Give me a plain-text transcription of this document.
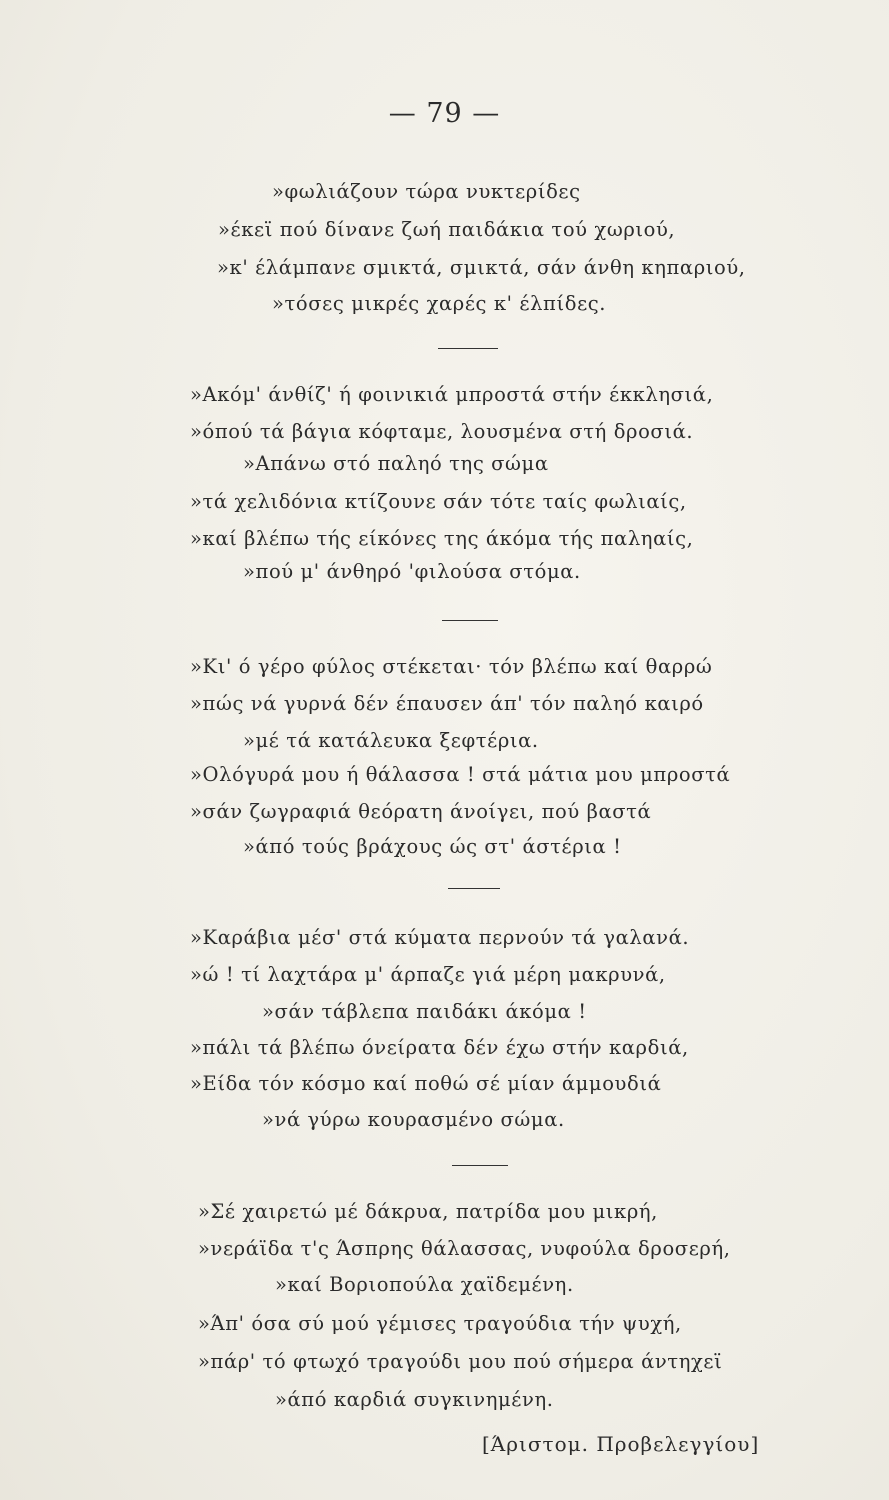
— 79 —
»φωλιάζουν τώρα νυκτερίδες
»έκεϊ πού δίνανε ζωή παιδάκια τού χωριού,
»κ' έλάμπανε σμικτά, σμικτά, σάν άνθη κηπαριού,
»τόσες μικρές χαρές κ' έλπίδες.
»Ακόμ' άνθίζ' ή φοινικιά μπροστά στήν έκκλησιά,
»όπού τά βάγια κόφταμε, λουσμένα στή δροσιά.
»Απάνω στό παληό της σώμα
»τά χελιδόνια κτίζουνε σάν τότε ταίς φωλιαίς,
»καί βλέπω τής είκόνες της άκόμα τής παληαίς,
»πού μ' άνθηρό 'φιλούσα στόμα.
»Κι' ό γέρο φύλος στέκεται· τόν βλέπω καί θαρρώ
»πώς νά γυρνά δέν έπαυσεν άπ' τόν παληό καιρό
»μέ τά κατάλευκα ξεφτέρια.
»Ολόγυρά μου ή θάλασσα ! στά μάτια μου μπροστά
»σάν ζωγραφιά θεόρατη άνοίγει, πού βαστά
»άπό τούς βράχους ώς στ' άστέρια !
»Καράβια μέσ' στά κύματα περνούν τά γαλανά.
»ώ ! τί λαχτάρα μ' άρπαζε γιά μέρη μακρυνά,
»σάν τάβλεπα παιδάκι άκόμα !
»πάλι τά βλέπω όνείρατα δέν έχω στήν καρδιά,
»Είδα τόν κόσμο καί ποθώ σέ μίαν άμμουδιά
»νά γύρω κουρασμένο σώμα.
»Σέ χαιρετώ μέ δάκρυα, πατρίδα μου μικρή,
»νεράϊδα τ'ς Άσπρης θάλασσας, νυφούλα δροσερή,
»καί Βοριοπούλα χαϊδεμένη.
»Άπ' όσα σύ μού γέμισες τραγούδια τήν ψυχή,
»πάρ' τό φτωχό τραγούδι μου πού σήμερα άντηχεϊ
»άπό καρδιά συγκινημένη.
[Άριστομ. Προβελεγγίου]
